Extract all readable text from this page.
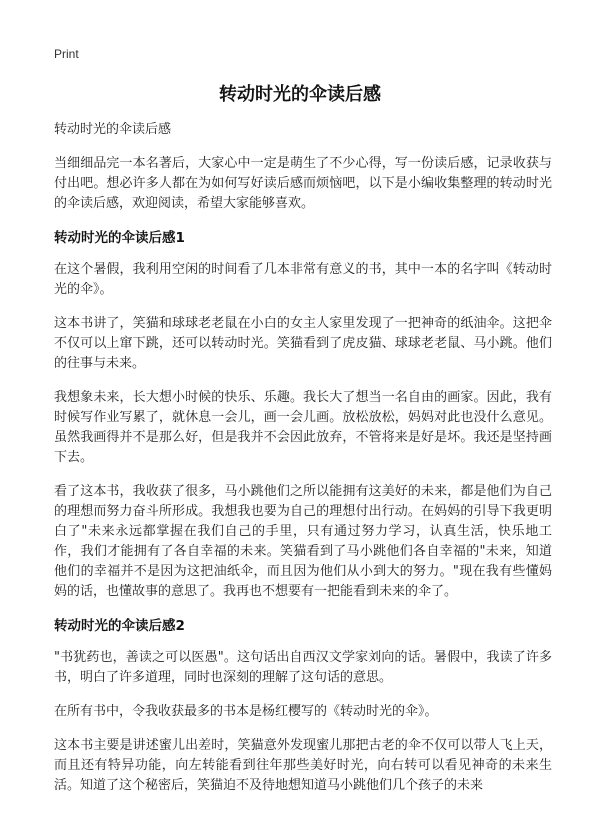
Print
转动时光的伞读后感

转动时光的伞读后感

当细细品完一本名著后，大家心中一定是萌生了不少心得，写一份读后感，记录收获与付出吧。想必许多人都在为如何写好读后感而烦恼吧，以下是小编收集整理的转动时光的伞读后感，欢迎阅读，希望大家能够喜欢。

转动时光的伞读后感1

在这个暑假，我利用空闲的时间看了几本非常有意义的书，其中一本的名字叫《转动时光的伞》。

这本书讲了，笑猫和球球老老鼠在小白的女主人家里发现了一把神奇的纸油伞。这把伞不仅可以上窜下跳，还可以转动时光。笑猫看到了虎皮猫、球球老老鼠、马小跳。他们的往事与未来。

我想象未来，长大想小时候的快乐、乐趣。我长大了想当一名自由的画家。因此，我有时候写作业写累了，就休息一会儿，画一会儿画。放松放松，妈妈对此也没什么意见。虽然我画得并不是那么好，但是我并不会因此放弃，不管将来是好是坏。我还是坚持画下去。

看了这本书，我收获了很多，马小跳他们之所以能拥有这美好的未来，都是他们为自己的理想而努力奋斗所形成。我想我也要为自己的理想付出行动。在妈妈的引导下我更明白了"未来永远都掌握在我们自己的手里，只有通过努力学习，认真生活，快乐地工作，我们才能拥有了各自幸福的未来。笑猫看到了马小跳他们各自幸福的"未来，知道他们的幸福并不是因为这把油纸伞，而且因为他们从小到大的努力。"现在我有些懂妈妈的话，也懂故事的意思了。我再也不想要有一把能看到未来的伞了。

转动时光的伞读后感2

"书犹药也，善读之可以医愚"。这句话出自西汉文学家刘向的话。暑假中，我读了许多书，明白了许多道理，同时也深刻的理解了这句话的意思。

在所有书中，令我收获最多的书本是杨红樱写的《转动时光的伞》。

这本书主要是讲述蜜儿出差时，笑猫意外发现蜜儿那把古老的伞不仅可以带人飞上天，而且还有特异功能，向左转能看到往年那些美好时光，向右转可以看见神奇的未来生活。知道了这个秘密后，笑猫迫不及待地想知道马小跳他们几个孩子的未来
